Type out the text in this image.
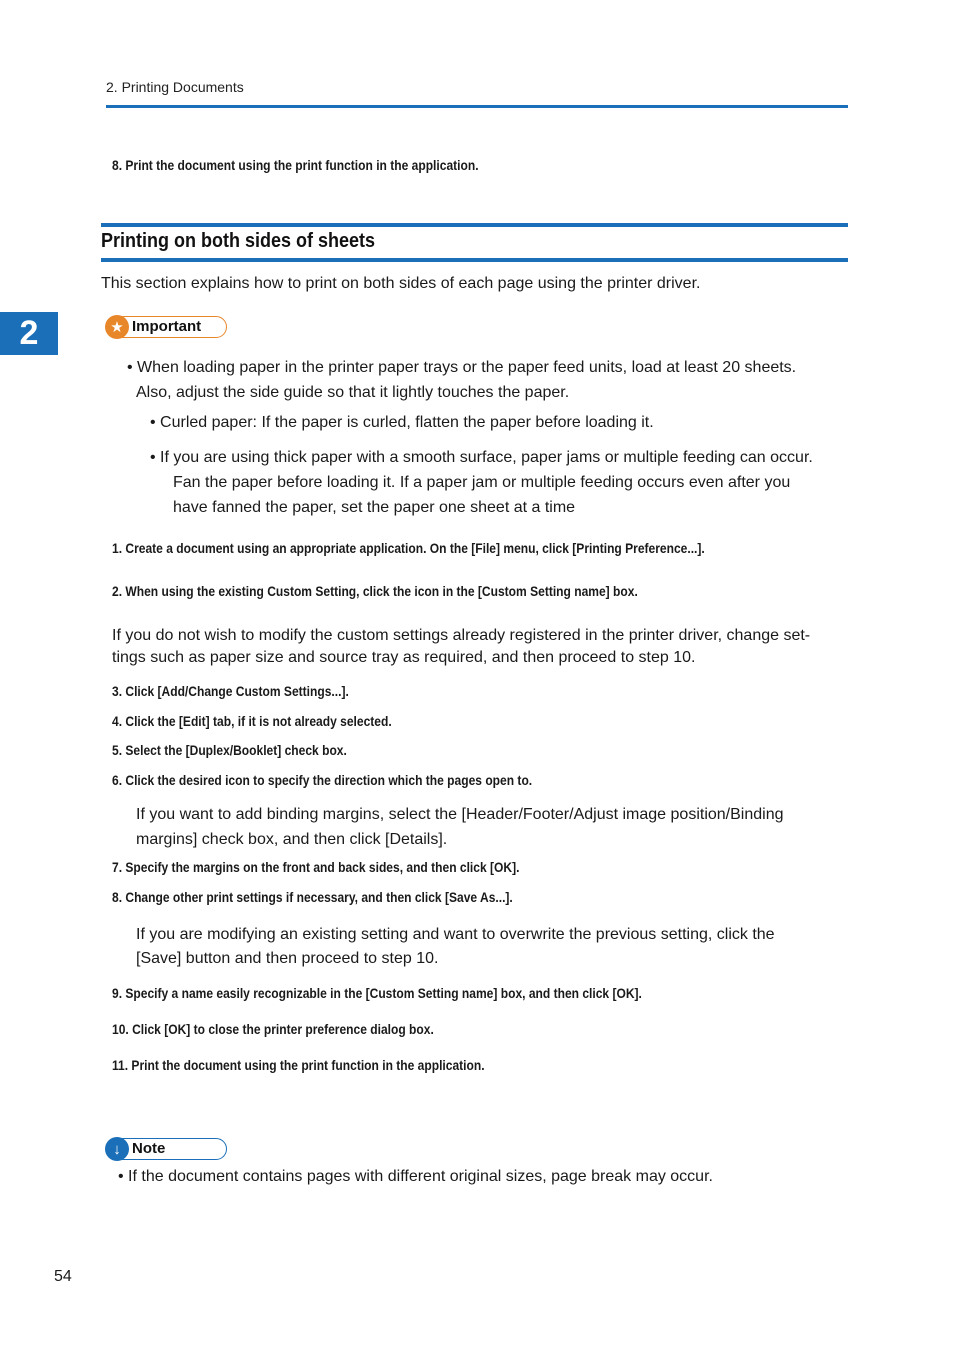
2. Printing Documents
8. Print the document using the print function in the application.
Printing on both sides of sheets
This section explains how to print on both sides of each page using the printer driver.
2	★ Important
• When loading paper in the printer paper trays or the paper feed units, load at least 20 sheets.
Also, adjust the side guide so that it lightly touches the paper.
• Curled paper: If the paper is curled, flatten the paper before loading it.
• If you are using thick paper with a smooth surface, paper jams or multiple feeding can occur.
Fan the paper before loading it. If a paper jam or multiple feeding occurs even after you
have fanned the paper, set the paper one sheet at a time
1. Create a document using an appropriate application. On the [File] menu, click [Printing Preference...].
2. When using the existing Custom Setting, click the icon in the [Custom Setting name] box.
If you do not wish to modify the custom settings already registered in the printer driver, change set-
tings such as paper size and source tray as required, and then proceed to step 10.
3. Click [Add/Change Custom Settings...].
4. Click the [Edit] tab, if it is not already selected.
5. Select the [Duplex/Booklet] check box.
6. Click the desired icon to specify the direction which the pages open to.
If you want to add binding margins, select the [Header/Footer/Adjust image position/Binding
margins] check box, and then click [Details].
7. Specify the margins on the front and back sides, and then click [OK].
8. Change other print settings if necessary, and then click [Save As...].
If you are modifying an existing setting and want to overwrite the previous setting, click the
[Save] button and then proceed to step 10.
9. Specify a name easily recognizable in the [Custom Setting name] box, and then click [OK].
10. Click [OK] to close the printer preference dialog box.
11. Print the document using the print function in the application.
↓ Note
• If the document contains pages with different original sizes, page break may occur.
54
